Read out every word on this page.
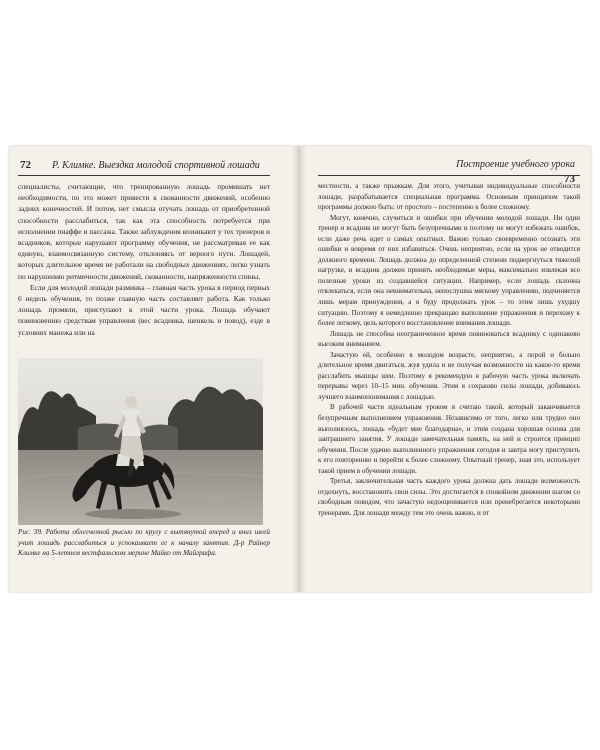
72 Р. Климке. Выездка молодой спортивной лошади

специалисты, считающие, что тренированную лошадь промишать нет необходимости, по это может привести к скованности движений, особенно задних конечностей. И потом, нет смысла отучать лошадь от приобретенной способности расслабиться, так как эта способность потребуется при исполнении пиаффе и пассажа. Также заблуждения возникают у тех тренеров и всадников, которые нарушают программу обучения, не рассматривая ее как единую, взаимосвязанную систему, отклоняясь от верного пути. Лошадей, которых длительное время не работали на свободных движениях, легко узнать по нарушению ритмичности движений, скованности, напряженности спины.

Если для молодой лошади разминка – главная часть урока в период первых 6 недель обучения, то позже главную часть составляет работа. Как только лошадь промяли, приступают к этой части урока. Лошадь обучают повиновению средствам управления (вес всадника, шенкель и повод), езде в условиях манежа или на

Рис. 39. Работа облегченной рысью по кругу с вытянутой вперед и вниз шеей учит лошадь расслабиться и успокаивает ее к началу занятия. Д-р Райнер Климке на 5-летнем вестфальском мерине Майко от Майграфа.
Построение учебного урока  73

местности, а также прыжкам. Для этого, учитывая индивидуальные способности лошади, разрабатывается специальная программа. Основным принципом такой программы должно быть: от простого – постепенно к более сложному.

Могут, конечно, случиться и ошибки при обучении молодой лошади. Ни один тренер и всадник не могут быть безупречными и поэтому не могут избежать ошибок, если даже речь идет о самых опытных. Важно только своевременно осознать эти ошибки и вовремя от них избавиться. Очень неприятно, если на урок не отводится должного времени. Лошадь должна до определенной степени подвергнуться тяжелой нагрузке, и всадник должен принять необходимые меры, максимально извлекая все полезные уроки из создавшейся ситуации. Например, если лошадь склонна отвлекаться, если она невнимательна, непослушна мягкому управлению, подчиняется лишь мерам принуждения, а я буду продолжать урок – то этим лишь ухудшу ситуацию. Поэтому я немедленно прекращаю выполнение упражнения и перехожу к более легкому, цель которого восстановление внимания лошади.

Лошадь не способна неограниченное время повиноваться всаднику с одинаково высоким вниманием.

Зачастую ей, особенно в молодом возрасте, неприятно, а порой и больно длительное время двигаться, жуя удила и не получая возможности на какое-то время расслабить мышцы шеи. Поэтому я рекомендую в рабочую часть урока включать перерывы через 10–15 мин. обучения. Этим я сохраняю силы лошади, добиваюсь лучшего взаимопонимания с лошадью.

В рабочей части идеальным уроком я считаю такой, который заканчивается безупречным выполнением упражнения. Независимо от того, легко или трудно оно выполнялось, лошадь «будет мне благодарна», и этим создана хорошая основа для завтрашнего занятия. У лошади замечательная память, на ней и строится принцип обучения. После удачно выполненного упражнения сегодня и завтра могу приступить к его повторению и перейти к более сложному. Опытный тренер, зная это, использует такой прием в обучении лошади.

Третья, заключительная часть каждого урока должна дать лошади возможность отдохнуть, восстановить свои силы. Это достигается в спокойном движении шагом со свободным поводом, что зачастую недооценивается или пренебрегается некоторыми тренерами. Для лошади между тем это очень важно, и от
